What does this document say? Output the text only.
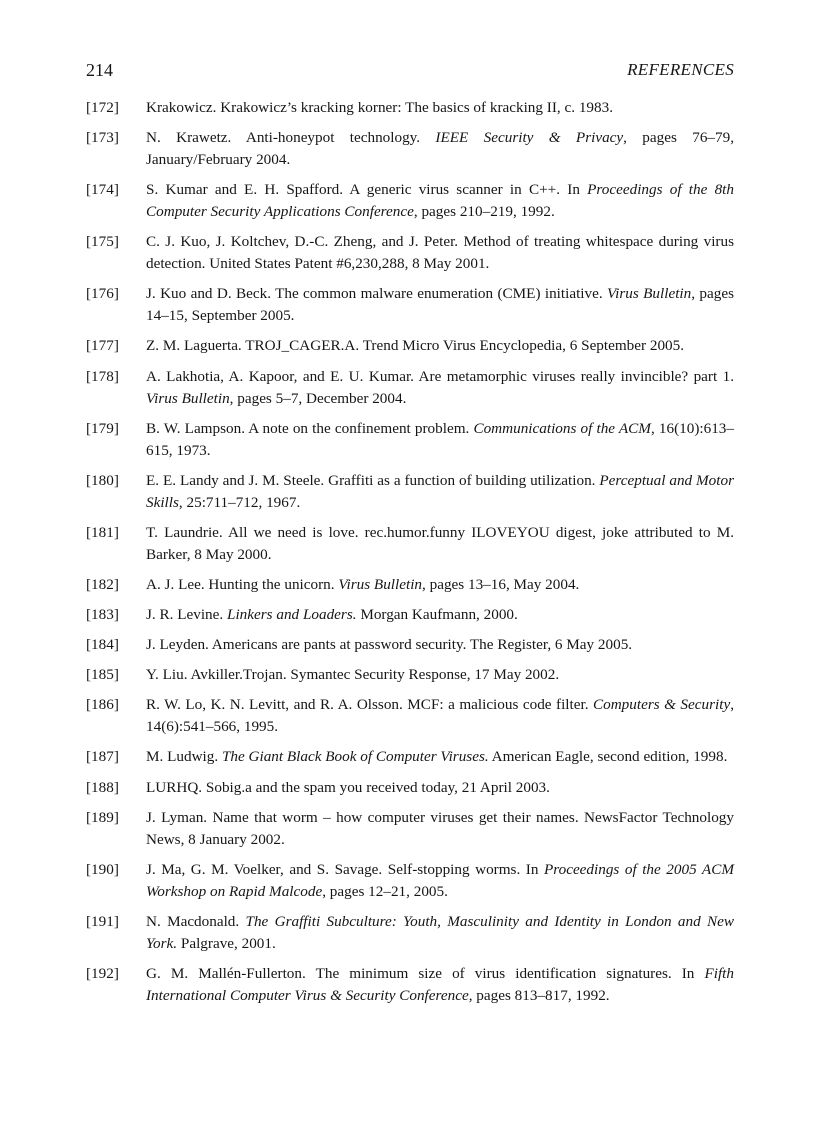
214	REFERENCES
[172] Krakowicz. Krakowicz’s kracking korner: The basics of kracking II, c. 1983.
[173] N. Krawetz. Anti-honeypot technology. IEEE Security & Privacy, pages 76–79, January/February 2004.
[174] S. Kumar and E. H. Spafford. A generic virus scanner in C++. In Proceedings of the 8th Computer Security Applications Conference, pages 210–219, 1992.
[175] C. J. Kuo, J. Koltchev, D.-C. Zheng, and J. Peter. Method of treating whitespace during virus detection. United States Patent #6,230,288, 8 May 2001.
[176] J. Kuo and D. Beck. The common malware enumeration (CME) initiative. Virus Bulletin, pages 14–15, September 2005.
[177] Z. M. Laguerta. TROJ_CAGER.A. Trend Micro Virus Encyclopedia, 6 September 2005.
[178] A. Lakhotia, A. Kapoor, and E. U. Kumar. Are metamorphic viruses really invincible? part 1. Virus Bulletin, pages 5–7, December 2004.
[179] B. W. Lampson. A note on the confinement problem. Communications of the ACM, 16(10):613–615, 1973.
[180] E. E. Landy and J. M. Steele. Graffiti as a function of building utilization. Perceptual and Motor Skills, 25:711–712, 1967.
[181] T. Laundrie. All we need is love. rec.humor.funny ILOVEYOU digest, joke attributed to M. Barker, 8 May 2000.
[182] A. J. Lee. Hunting the unicorn. Virus Bulletin, pages 13–16, May 2004.
[183] J. R. Levine. Linkers and Loaders. Morgan Kaufmann, 2000.
[184] J. Leyden. Americans are pants at password security. The Register, 6 May 2005.
[185] Y. Liu. Avkiller.Trojan. Symantec Security Response, 17 May 2002.
[186] R. W. Lo, K. N. Levitt, and R. A. Olsson. MCF: a malicious code filter. Computers & Security, 14(6):541–566, 1995.
[187] M. Ludwig. The Giant Black Book of Computer Viruses. American Eagle, second edition, 1998.
[188] LURHQ. Sobig.a and the spam you received today, 21 April 2003.
[189] J. Lyman. Name that worm – how computer viruses get their names. NewsFactor Technology News, 8 January 2002.
[190] J. Ma, G. M. Voelker, and S. Savage. Self-stopping worms. In Proceedings of the 2005 ACM Workshop on Rapid Malcode, pages 12–21, 2005.
[191] N. Macdonald. The Graffiti Subculture: Youth, Masculinity and Identity in London and New York. Palgrave, 2001.
[192] G. M. Mallén-Fullerton. The minimum size of virus identification signatures. In Fifth International Computer Virus & Security Conference, pages 813–817, 1992.
